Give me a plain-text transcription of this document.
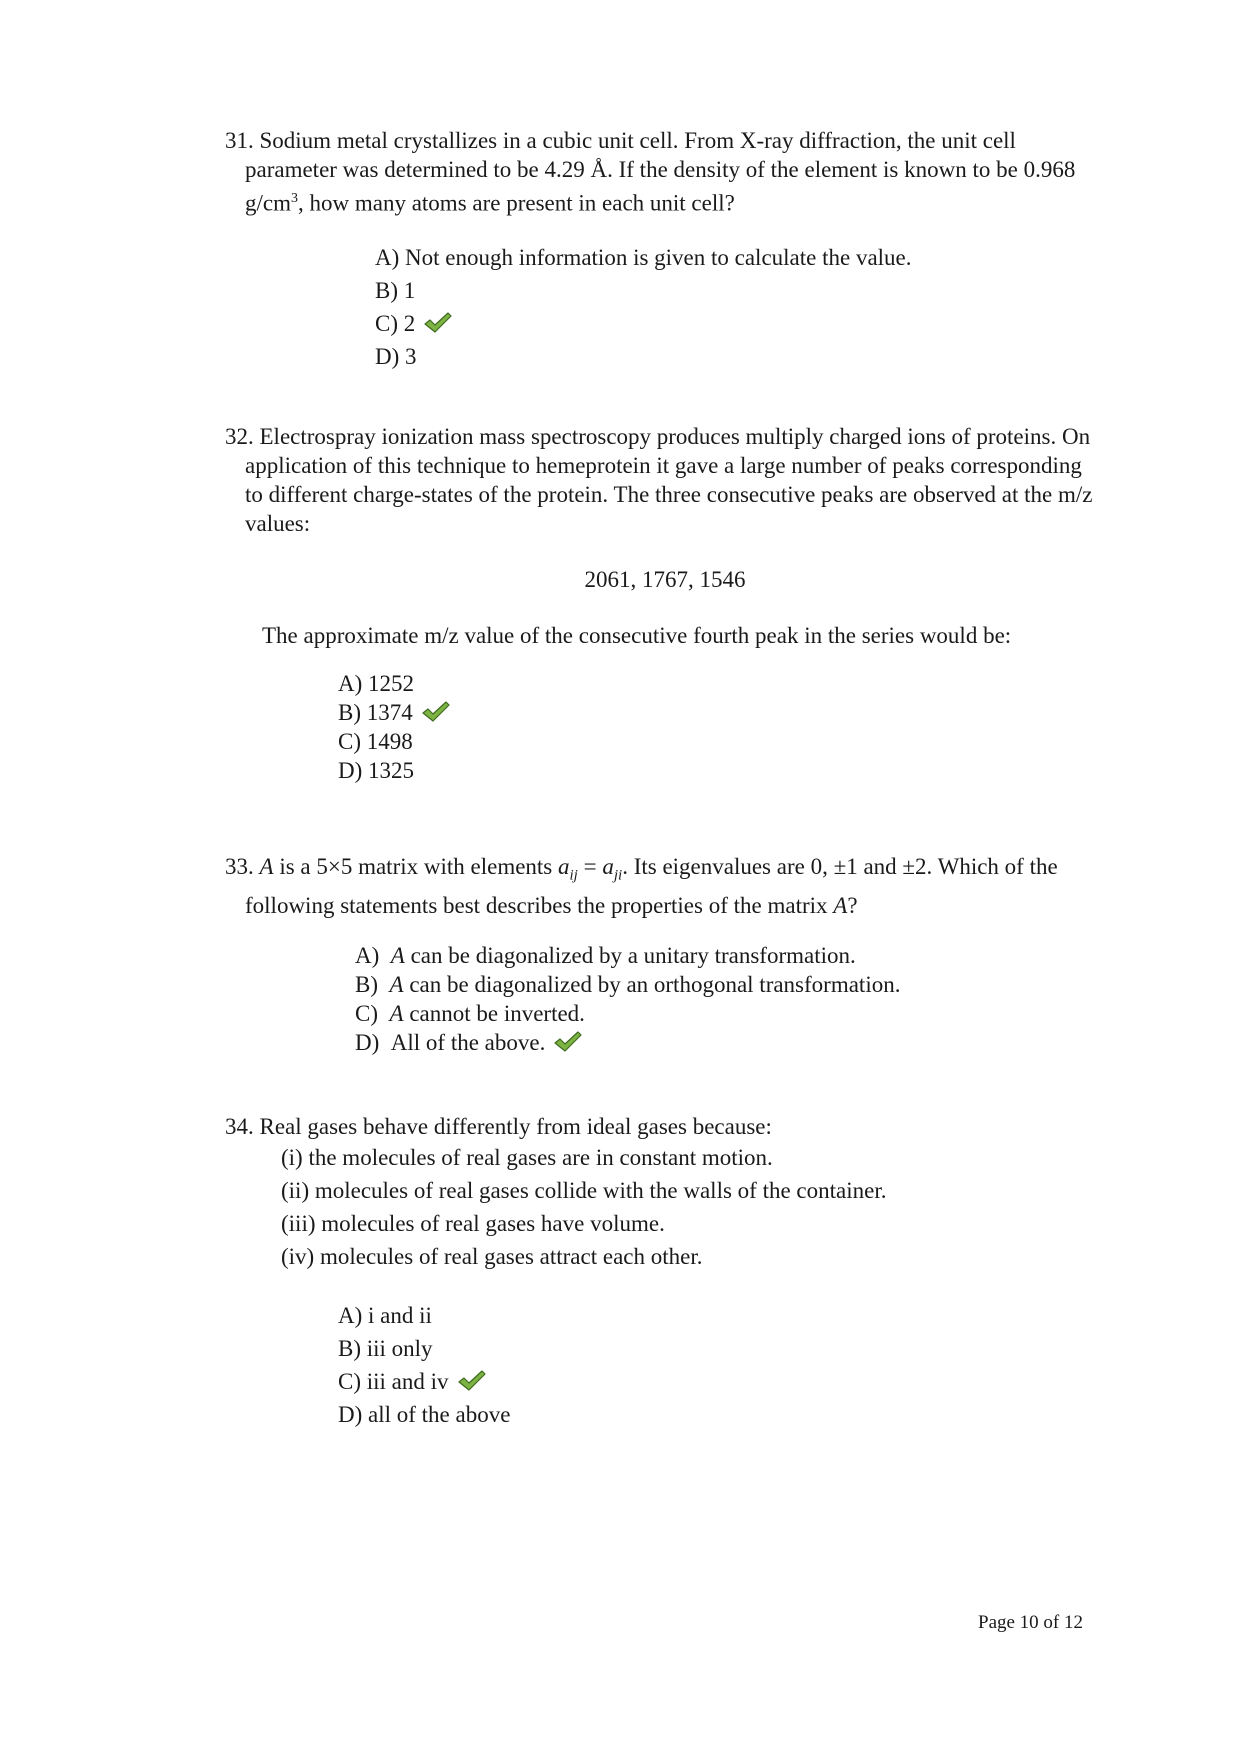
31. Sodium metal crystallizes in a cubic unit cell. From X-ray diffraction, the unit cell parameter was determined to be 4.29 Å. If the density of the element is known to be 0.968 $g/cm^3$, how many atoms are present in each unit cell?

A) Not enough information is given to calculate the value.
B) 1
C) 2
D) 3

32. Electrospray ionization mass spectroscopy produces multiply charged ions of proteins. On application of this technique to hemeprotein it gave a large number of peaks corresponding to different charge-states of the protein. The three consecutive peaks are observed at the m/z values:

2061, 1767, 1546

The approximate m/z value of the consecutive fourth peak in the series would be:

A) 1252
B) 1374
C) 1498
D) 1325

33. A is a 5×5 matrix with elements $a_{ij} = a_{ji}$. Its eigenvalues are 0, ±1 and ±2. Which of the following statements best describes the properties of the matrix A?

A) A can be diagonalized by a unitary transformation.
B) A can be diagonalized by an orthogonal transformation.
C) A cannot be inverted.
D) All of the above.

34. Real gases behave differently from ideal gases because:

(i) the molecules of real gases are in constant motion.
(ii) molecules of real gases collide with the walls of the container.
(iii) molecules of real gases have volume.
(iv) molecules of real gases attract each other.
A) i and ii
B) iii only
C) iii and iv
D) all of the above
Page 10 of 12
